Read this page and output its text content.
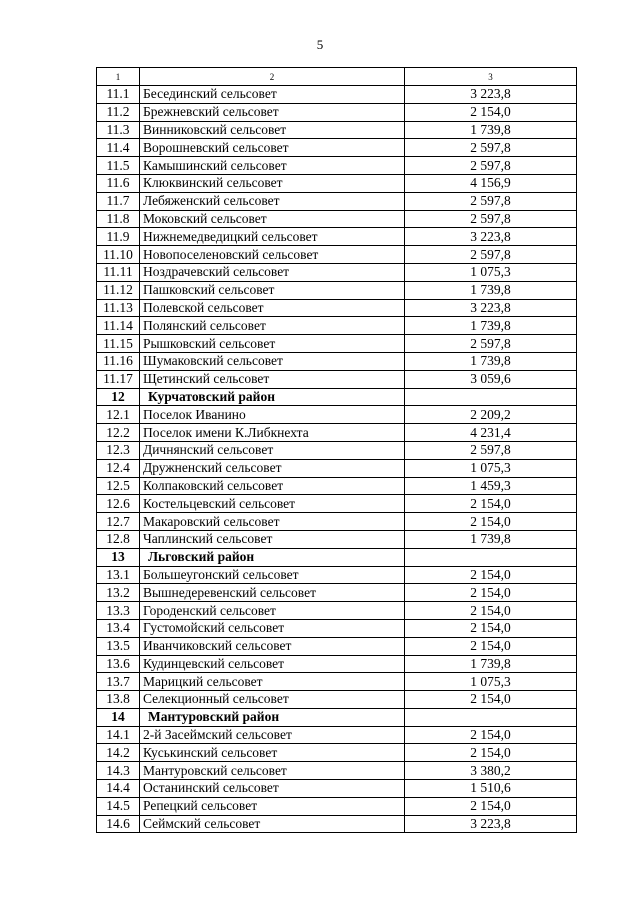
5
1	2	3
11.1	Бесединский сельсовет	3 223,8
11.2	Брежневский сельсовет	2 154,0
11.3	Винниковский сельсовет	1 739,8
11.4	Ворошневский сельсовет	2 597,8
11.5	Камышинский сельсовет	2 597,8
11.6	Клюквинский сельсовет	4 156,9
11.7	Лебяженский сельсовет	2 597,8
11.8	Моковский сельсовет	2 597,8
11.9	Нижнемедведицкий сельсовет	3 223,8
11.10	Новопоселеновский сельсовет	2 597,8
11.11	Ноздрачевский сельсовет	1 075,3
11.12	Пашковский сельсовет	1 739,8
11.13	Полевской сельсовет	3 223,8
11.14	Полянский сельсовет	1 739,8
11.15	Рышковский сельсовет	2 597,8
11.16	Шумаковский сельсовет	1 739,8
11.17	Щетинский сельсовет	3 059,6
12	Курчатовский район	
12.1	Поселок Иванино	2 209,2
12.2	Поселок имени К.Либкнехта	4 231,4
12.3	Дичнянский сельсовет	2 597,8
12.4	Дружненский сельсовет	1 075,3
12.5	Колпаковский сельсовет	1 459,3
12.6	Костельцевский сельсовет	2 154,0
12.7	Макаровский сельсовет	2 154,0
12.8	Чаплинский сельсовет	1 739,8
13	Льговский район	
13.1	Большеугонский сельсовет	2 154,0
13.2	Вышнедеревенский сельсовет	2 154,0
13.3	Городенский сельсовет	2 154,0
13.4	Густомойский сельсовет	2 154,0
13.5	Иванчиковский сельсовет	2 154,0
13.6	Кудинцевский сельсовет	1 739,8
13.7	Марицкий сельсовет	1 075,3
13.8	Селекционный сельсовет	2 154,0
14	Мантуровский район	
14.1	2-й Засеймский сельсовет	2 154,0
14.2	Куськинский сельсовет	2 154,0
14.3	Мантуровский сельсовет	3 380,2
14.4	Останинский сельсовет	1 510,6
14.5	Репецкий сельсовет	2 154,0
14.6	Сеймский сельсовет	3 223,8
